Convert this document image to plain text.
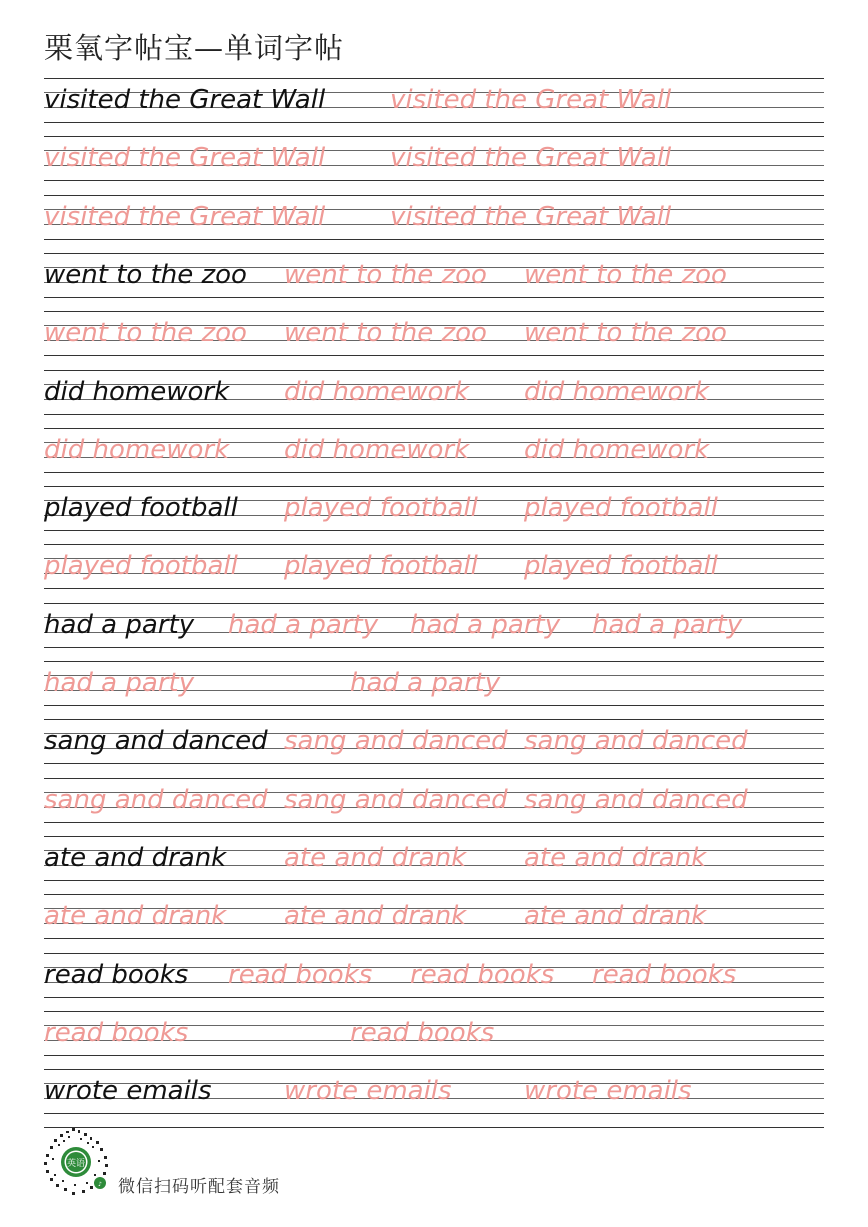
栗氧字帖宝—单词字帖
visited the Great Wall visited the Great Wall
visited the Great Wall visited the Great Wall
visited the Great Wall visited the Great Wall
went to the zoo went to the zoo went to the zoo
went to the zoo went to the zoo went to the zoo
did homework did homework did homework
did homework did homework did homework
played football played football played football
played football played football played football
had a party had a party had a party had a party
had a party	had a party
sang and danced sang and danced sang and danced
sang and danced sang and danced sang and danced
ate and drank ate and drank ate and drank
ate and drank ate and drank ate and drank
read books read books read books read books
read books	read books
wrote emails	wrote emails	wrote emails
英语
♪ 微信扫码听配套音频
